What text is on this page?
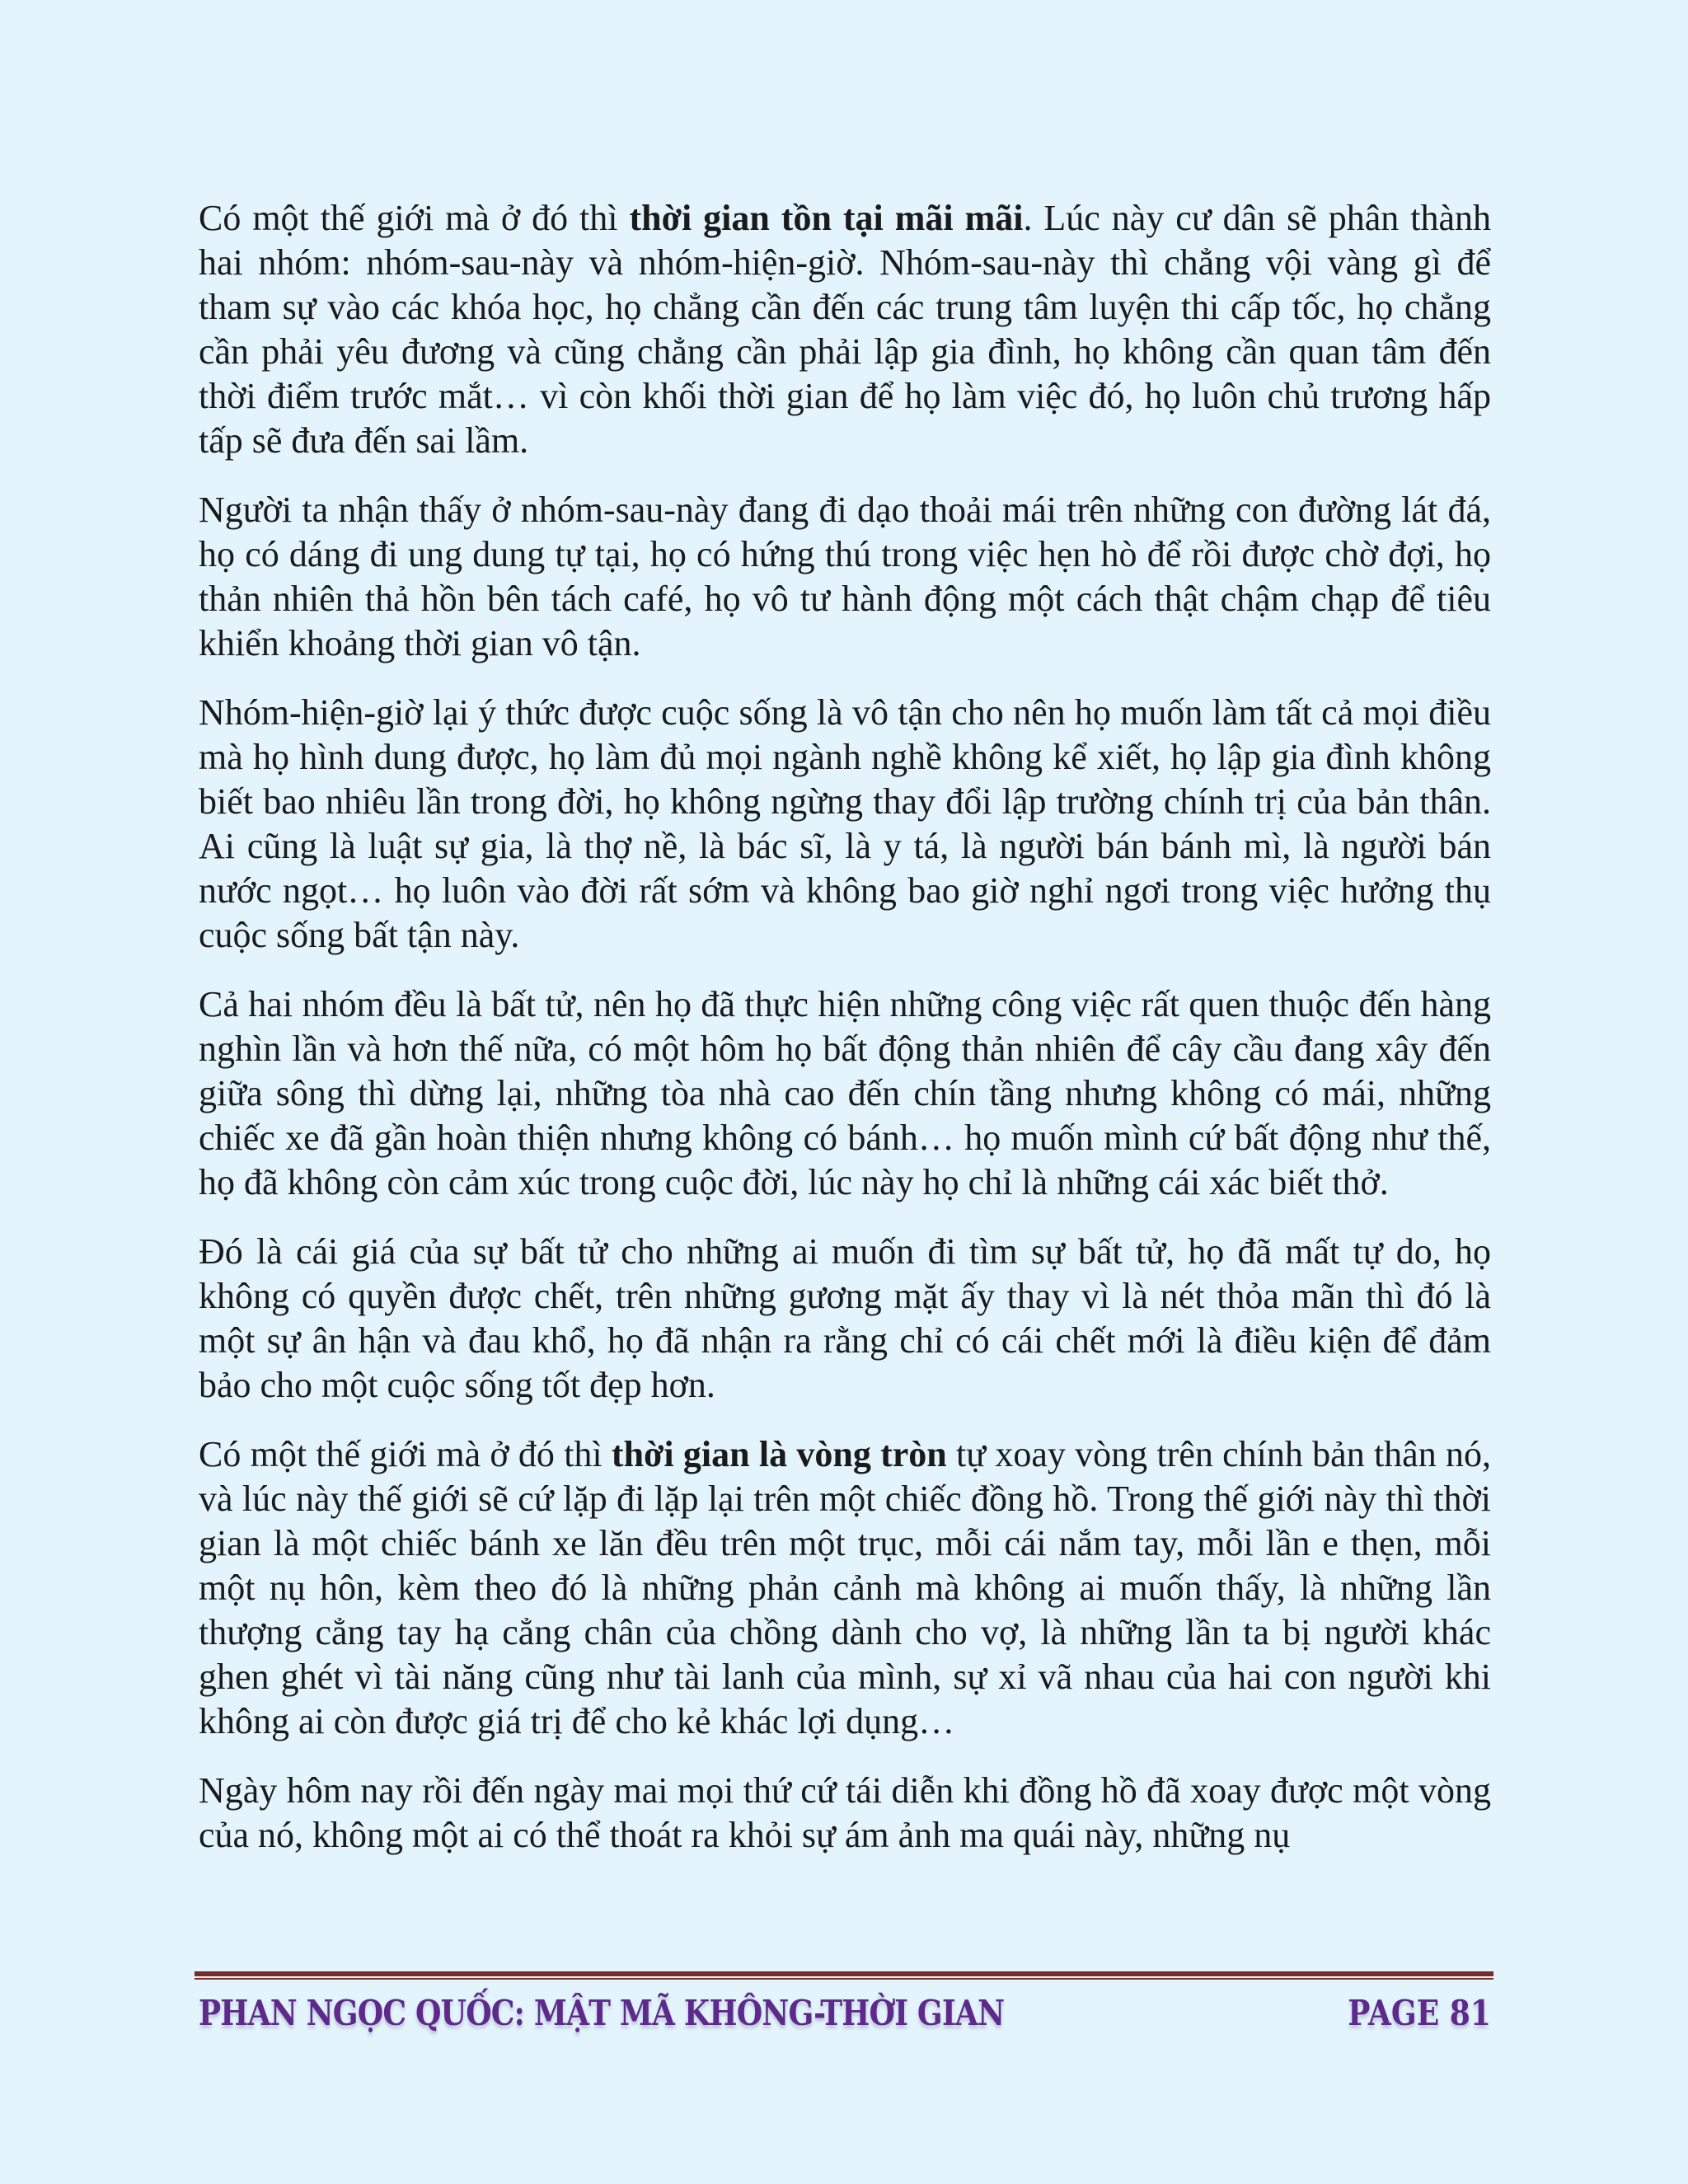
Có một thế giới mà ở đó thì thời gian tồn tại mãi mãi. Lúc này cư dân sẽ phân thành hai nhóm: nhóm-sau-này và nhóm-hiện-giờ. Nhóm-sau-này thì chẳng vội vàng gì để tham sự vào các khóa học, họ chẳng cần đến các trung tâm luyện thi cấp tốc, họ chẳng cần phải yêu đương và cũng chẳng cần phải lập gia đình, họ không cần quan tâm đến thời điểm trước mắt… vì còn khối thời gian để họ làm việc đó, họ luôn chủ trương hấp tấp sẽ đưa đến sai lầm.

Người ta nhận thấy ở nhóm-sau-này đang đi dạo thoải mái trên những con đường lát đá, họ có dáng đi ung dung tự tại, họ có hứng thú trong việc hẹn hò để rồi được chờ đợi, họ thản nhiên thả hồn bên tách café, họ vô tư hành động một cách thật chậm chạp để tiêu khiển khoảng thời gian vô tận.

Nhóm-hiện-giờ lại ý thức được cuộc sống là vô tận cho nên họ muốn làm tất cả mọi điều mà họ hình dung được, họ làm đủ mọi ngành nghề không kể xiết, họ lập gia đình không biết bao nhiêu lần trong đời, họ không ngừng thay đổi lập trường chính trị của bản thân. Ai cũng là luật sự gia, là thợ nề, là bác sĩ, là y tá, là người bán bánh mì, là người bán nước ngọt… họ luôn vào đời rất sớm và không bao giờ nghỉ ngơi trong việc hưởng thụ cuộc sống bất tận này.

Cả hai nhóm đều là bất tử, nên họ đã thực hiện những công việc rất quen thuộc đến hàng nghìn lần và hơn thế nữa, có một hôm họ bất động thản nhiên để cây cầu đang xây đến giữa sông thì dừng lại, những tòa nhà cao đến chín tầng nhưng không có mái, những chiếc xe đã gần hoàn thiện nhưng không có bánh… họ muốn mình cứ bất động như thế, họ đã không còn cảm xúc trong cuộc đời, lúc này họ chỉ là những cái xác biết thở.

Đó là cái giá của sự bất tử cho những ai muốn đi tìm sự bất tử, họ đã mất tự do, họ không có quyền được chết, trên những gương mặt ấy thay vì là nét thỏa mãn thì đó là một sự ân hận và đau khổ, họ đã nhận ra rằng chỉ có cái chết mới là điều kiện để đảm bảo cho một cuộc sống tốt đẹp hơn.

Có một thế giới mà ở đó thì thời gian là vòng tròn tự xoay vòng trên chính bản thân nó, và lúc này thế giới sẽ cứ lặp đi lặp lại trên một chiếc đồng hồ. Trong thế giới này thì thời gian là một chiếc bánh xe lăn đều trên một trục, mỗi cái nắm tay, mỗi lần e thẹn, mỗi một nụ hôn, kèm theo đó là những phản cảnh mà không ai muốn thấy, là những lần thượng cẳng tay hạ cẳng chân của chồng dành cho vợ, là những lần ta bị người khác ghen ghét vì tài năng cũng như tài lanh của mình, sự xỉ vã nhau của hai con người khi không ai còn được giá trị để cho kẻ khác lợi dụng…

Ngày hôm nay rồi đến ngày mai mọi thứ cứ tái diễn khi đồng hồ đã xoay được một vòng của nó, không một ai có thể thoát ra khỏi sự ám ảnh ma quái này, những nụ

PHAN NGỌC QUỐC: MẬT MÃ KHÔNG-THỜI GIAN	PAGE 81
